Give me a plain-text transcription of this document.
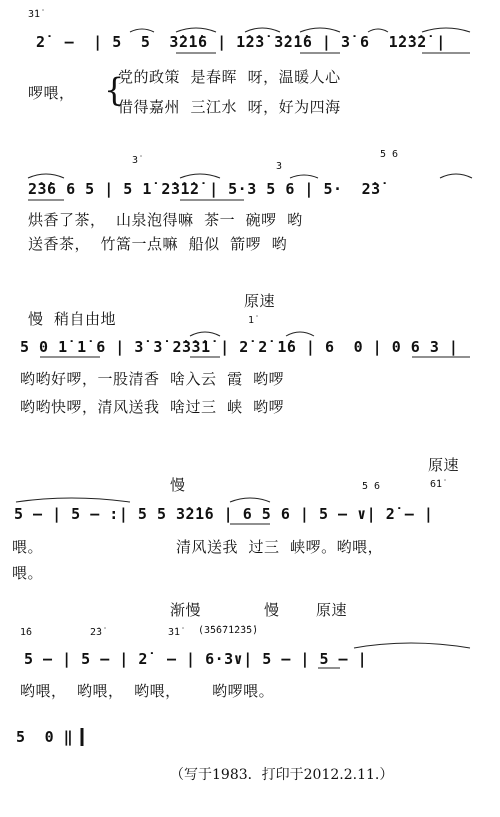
3̇1̇
2̇  –  | 5  5  3̇2̇1̇6 | 1̇2̇3̇ 3̇2̇1̇6 | 3̇ 6  1̇2̇3̇2̇ |
啰喂， {
党的政策  是春晖  呀，温暖人心
借得嘉州  三江水  呀，好为四海
3̇
3
5 6
2̇3̇6 6 5 | 5 1̇ 2̇3̇1̇2̇ | 5·3 5 6 | 5·  2̇3̇
烘香了茶，  山泉泡得嘛  茶一  碗啰  哟
送香茶，  竹篙一点嘛  船似  箭啰  哟
慢  稍自由地
原速
1̇
5 0 1̇ 1̇ 6 | 3̇ 3̇ 2̇3̇3̇1̇ | 2̇ 2̇ 1̇6 | 6  0 | 0 6 3 |
哟哟好啰，一股清香  啥入云  霞  哟啰
哟哟快啰，清风送我  啥过三  峡  哟啰
慢
原速
5 6	6̇1̇
5 – | 5 – :| 5 5 3̇2̇1̇6 | 6 5 6 | 5 – ∨| 2̇ – |
喂。	清风送我  过三  峡啰。哟喂，
喂。
渐慢	慢 原速
1̇6	2̇3̇	3̇1̇ (3̇5̇6̇7̇1̇2̇3̇5̇)
5 – | 5 – | 2̇  – | 6·3∨| 5 – | 5 – |
哟喂，  哟喂，  哟喂，      哟啰喂。
5  0 ‖
（写于1983．打印于2012.2.11.）
